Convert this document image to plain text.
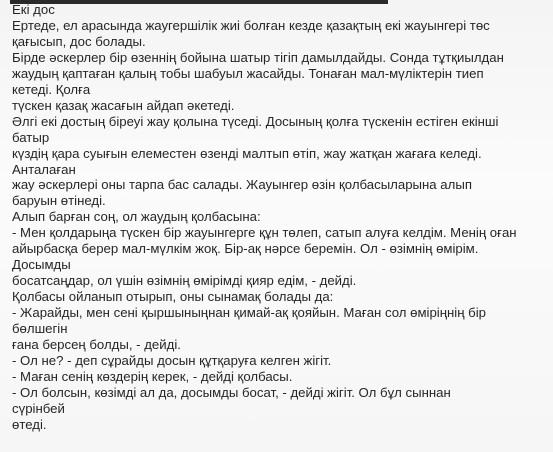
Екі дос
Ертеде, ел арасында жаугершілік жиі болған кезде қазақтың екі жауынгері төс
қағысып, дос болады.
Бірде әскерлер бір өзеннің бойына шатыр тігіп дамылдайды. Сонда тұтқиылдан
жаудың қаптаған қалың тобы шабуыл жасайды. Тонаған мал-мүліктерін тиеп
кетеді. Қолға
түскен қазақ жасағын айдап әкетеді.
Әлгі екі достың біреуі жау қолына түседі. Досының қолға түскенін естіген екінші
батыр
күздің қара суығын елеместен өзенді малтып өтіп, жау жатқан жағаға келеді.
Анталаған
жау әскерлері оны тарпа бас салады. Жауынгер өзін қолбасыларына алып
баруын өтінеді.
Алып барған соң, ол жаудың қолбасына:
- Мен қолдарыңа түскен бір жауынгерге құн төлеп, сатып алуға келдім. Менің оған
айырбасқа берер мал-мүлкім жоқ. Бір-ақ нәрсе беремін. Ол - өзімнің өмірім.
Досымды
босатсаңдар, ол үшін өзімнің өмірімді қияр едім, - дейді.
Қолбасы ойланып отырып, оны сынамақ болады да:
- Жарайды, мен сені қыршыныңнан қимай-ақ қояйын. Маған сол өміріңнің бір
бөлшегін
ғана берсең болды, - дейді.
- Ол не? - деп сұрайды досын құтқаруға келген жігіт.
- Маған сенің көздерің керек, - дейді қолбасы.
- Ол болсын, көзімді ал да, досымды босат, - дейді жігіт. Ол бұл сыннан
сүрінбей
өтеді.
